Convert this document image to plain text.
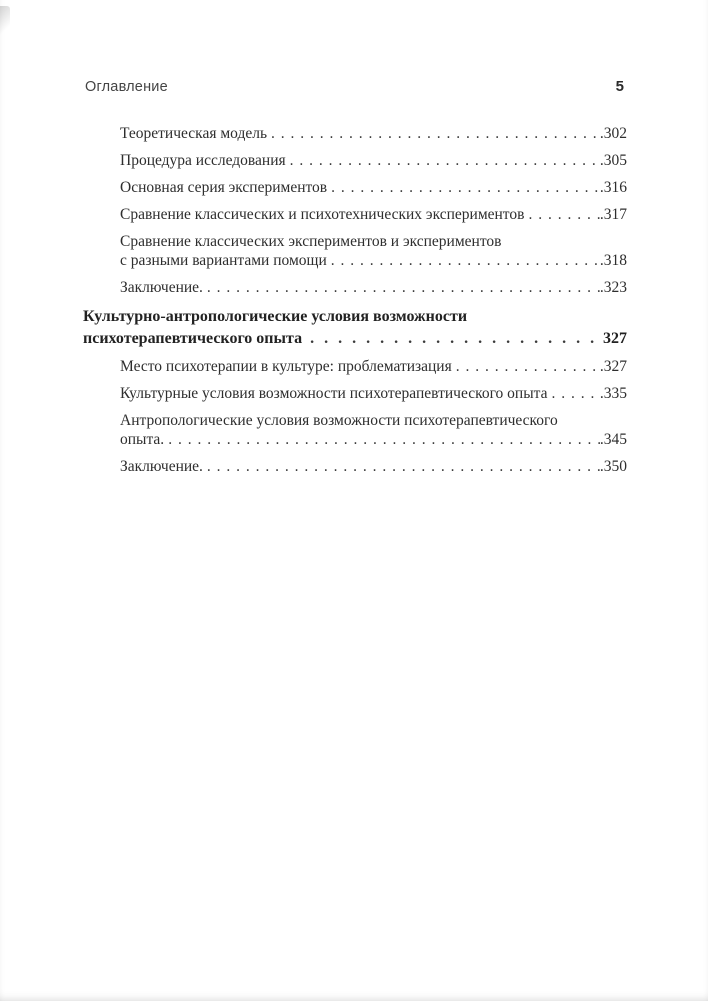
Оглавление	5
Теоретическая модель . . .	. 302
Процедура исследования . . .	. 305
Основная серия экспериментов . . .	. 316
Сравнение классических и психотехнических экспериментов . . .	. 317
Сравнение классических экспериментов и экспериментов
с разными вариантами помощи . . .	. 318
Заключение. . . .	. 323
Культурно-антропологические условия возможности
психотерапевтического опыта . . .	327
Место психотерапии в культуре: проблематизация . . .	. 327
Культурные условия возможности психотерапевтического опыта . . .	. 335
Антропологические условия возможности психотерапевтического
опыта. . . .	. 345
Заключение. . . .	. 350
